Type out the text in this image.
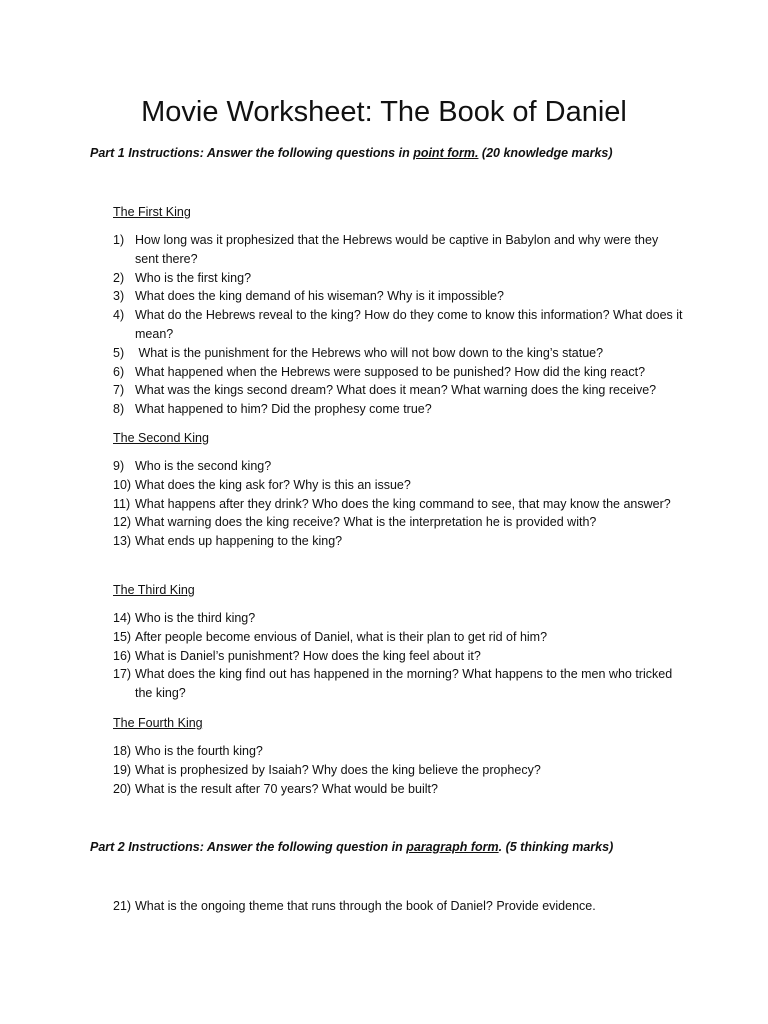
Movie Worksheet: The Book of Daniel
Part 1 Instructions: Answer the following questions in point form. (20 knowledge marks)
The First King
1) How long was it prophesized that the Hebrews would be captive in Babylon and why were they sent there?
2) Who is the first king?
3) What does the king demand of his wiseman? Why is it impossible?
4) What do the Hebrews reveal to the king? How do they come to know this information? What does it mean?
5) What is the punishment for the Hebrews who will not bow down to the king’s statue?
6) What happened when the Hebrews were supposed to be punished? How did the king react?
7) What was the kings second dream? What does it mean? What warning does the king receive?
8) What happened to him? Did the prophesy come true?
The Second King
9) Who is the second king?
10) What does the king ask for? Why is this an issue?
11) What happens after they drink? Who does the king command to see, that may know the answer?
12) What warning does the king receive? What is the interpretation he is provided with?
13) What ends up happening to the king?
The Third King
14) Who is the third king?
15) After people become envious of Daniel, what is their plan to get rid of him?
16) What is Daniel’s punishment? How does the king feel about it?
17) What does the king find out has happened in the morning? What happens to the men who tricked the king?
The Fourth King
18) Who is the fourth king?
19) What is prophesized by Isaiah? Why does the king believe the prophecy?
20) What is the result after 70 years? What would be built?
Part 2 Instructions: Answer the following question in paragraph form. (5 thinking marks)
21) What is the ongoing theme that runs through the book of Daniel? Provide evidence.
